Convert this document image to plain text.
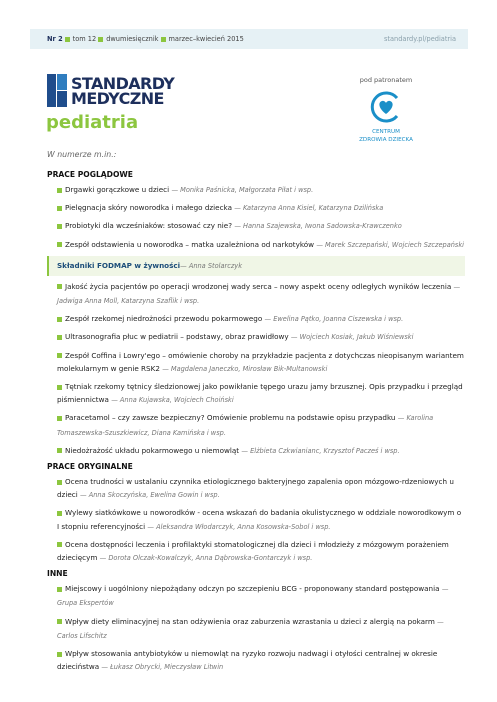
Nr 2 tom 12 dwumiesięcznik marzec–kwiecień 2015	standardy.pl/pediatria
STANDARDY
MEDYCZNE
pediatria
pod patronatem
CENTRUM
ZDROWIA DZIECKA
W numerze m.in.:
PRACE POGLĄDOWE
Drgawki gorączkowe u dzieci — Monika Paśnicka, Małgorzata Piłat i wsp.
Pielęgnacja skóry noworodka i małego dziecka — Katarzyna Anna Kisiel, Katarzyna Dzilińska
Probiotyki dla wcześniaków: stosować czy nie? — Hanna Szajewska, Iwona Sadowska-Krawczenko
Zespół odstawienia u noworodka – matka uzależniona od narkotyków — Marek Szczepański, Wojciech Szczepański
Składniki FODMAP w żywności— Anna Stolarczyk
Jakość życia pacjentów po operacji wrodzonej wady serca – nowy aspekt oceny odległych wyników leczenia — Jadwiga Anna Moll, Katarzyna Szaflik i wsp.
Zespół rzekomej niedrożności przewodu pokarmowego — Ewelina Pątko, Joanna Ciszewska i wsp.
Ultrasonografia płuc w pediatrii – podstawy, obraz prawidłowy — Wojciech Kosiak, Jakub Wiśniewski
Zespół Coffina i Lowry'ego – omówienie choroby na przykładzie pacjenta z dotychczas nieopisanym wariantem molekularnym w genie RSK2 — Magdalena Janeczko, Mirosław Bik-Multanowski
Tętniak rzekomy tętnicy śledzionowej jako powikłanie tępego urazu jamy brzusznej. Opis przypadku i przegląd piśmiennictwa — Anna Kujawska, Wojciech Choiński
Paracetamol – czy zawsze bezpieczny? Omówienie problemu na podstawie opisu przypadku — Karolina Tomaszewska-Szuszkiewicz, Diana Kamińska i wsp.
Niedożrażość układu pokarmowego u niemowląt — Elżbieta Czkwianianc, Krzysztof Pacześ i wsp.
PRACE ORYGINALNE
Ocena trudności w ustalaniu czynnika etiologicznego bakteryjnego zapalenia opon mózgowo-rdzeniowych u dzieci — Anna Skoczyńska, Ewelina Gowin i wsp.
Wylewy siatkówkowe u noworodków - ocena wskazań do badania okulistycznego w oddziale noworodkowym o I stopniu referencyjności — Aleksandra Włodarczyk, Anna Kosowska-Sobol i wsp.
Ocena dostępności leczenia i profilaktyki stomatologicznej dla dzieci i młodzieży z mózgowym porażeniem dziecięcym — Dorota Olczak-Kowalczyk, Anna Dąbrowska-Gontarczyk i wsp.
INNE
Miejscowy i uogólniony niepożądany odczyn po szczepieniu BCG - proponowany standard postępowania — Grupa Ekspertów
Wpływ diety eliminacyjnej na stan odżywienia oraz zaburzenia wzrastania u dzieci z alergią na pokarm — Carlos Lifschitz
Wpływ stosowania antybiotyków u niemowląt na ryzyko rozwoju nadwagi i otyłości centralnej w okresie dzieciństwa — Łukasz Obrycki, Mieczysław Litwin
